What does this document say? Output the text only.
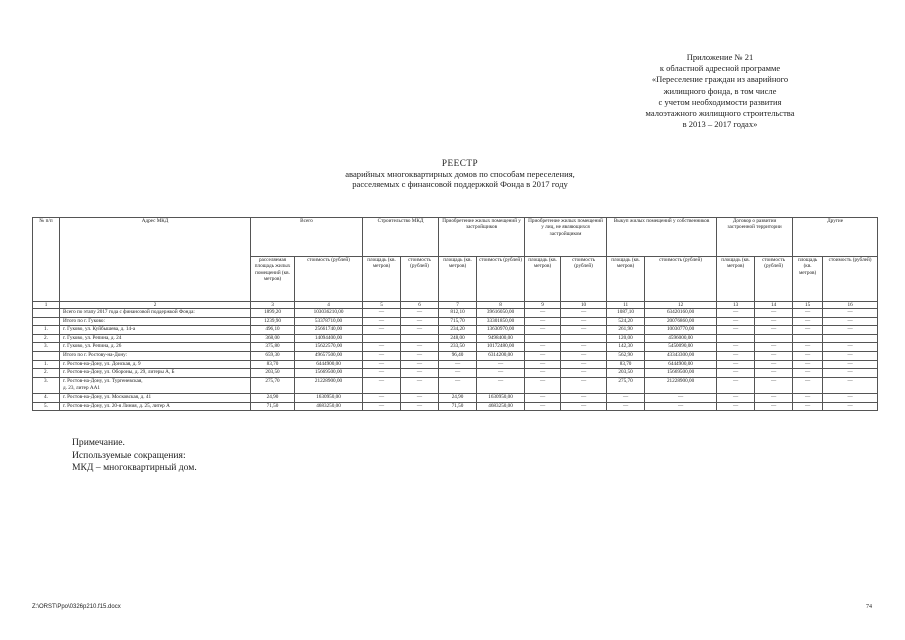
Приложение № 21
к областной адресной программе
«Переселение граждан из аварийного
жилищного фонда, в том числе
с учетом необходимости развития
малоэтажного жилищного строительства
в 2013 – 2017 годах»
РЕЕСТР
аварийных многоквартирных домов по способам переселения,
расселяемых с финансовой поддержкой Фонда в 2017 году
№ п/п	Адрес МКД	Всего		Строительство МКД		Приобретение жилых помещений у застройщиков		Приобретение жилых помещений у лиц, не являющихся застройщиком		Выкуп жилых помещений у собственников		Договор о развитии застроенной территории		Другие	
		расселяемая площадь жилых помещений (кв. метров)	стоимость (рублей)	площадь (кв. метров)	стоимость (рублей)	площадь (кв. метров)	стоимость (рублей)	площадь (кв. метров)	стоимость (рублей)	площадь (кв. метров)	стоимость (рублей)	площадь (кв. метров)	стоимость (рублей)	площадь (кв. метров)	стоимость (рублей)
1	2	3	4	5	6	7	8	9	10	11	12	13	14	15	16

	Всего по этапу 2017 года с финансовой поддержкой Фонда:	1899,20	103036210,00	—	—	812,10	39616050,00	—	—	1087,10	63420160,00	—	—	—	—

	Итого по г. Гуково:	1239,90	53378710,00	—	—	715,70	33301850,00	—	—	524,20	20076860,00	—	—	—	—
1.	г. Гуково, ул. Куйбышева, д. 14-а	496,10	25661740,00	—	—	234,20	13630970,00	—	—	261,90	10030770,00	—	—	—	—
2.	г. Гуково, ул. Репина, д. 24	368,00	14094400,00			248,00	9498400,00			120,00	4596000,00				
3.	г. Гуково, ул. Репина, д. 26	375,80	15622570,00	—	—	233,50	10172480,00	—	—	142,30	5450090,00	—	—	—	—

	Итого по г. Ростову-на-Дону:	659,30	49657500,00	—	—	96,40	6314200,00	—	—	562,90	43343300,00	—	—	—	—
1.	г. Ростов-на-Дону, ул. Донская, д. 9	83,70	6444900,00	—	—	—	—	—	—	83,70	6444900,00	—	—	—	—
2.	г. Ростов-на-Дону, ул. Обороны, д. 29, литеры А, Б	203,50	15669500,00	—	—	—	—	—	—	203,50	15669500,00	—	—	—	—
3.	г. Ростов-на-Дону, ул. Тургеневская,
д. 23, литер АА1	275,70	21228900,00	—	—	—	—	—	—	275,70	21228900,00	—	—	—	—
4.	г. Ростов-на-Дону, ул. Московская, д. 41	24,90	1630950,00	—	—	24,90	1630950,00	—	—	—	—	—	—	—	—
5.	г. Ростов-на-Дону, ул. 20-я Линия, д. 25, литер А	71,50	4683250,00	—	—	71,50	4683250,00	—	—	—	—	—	—	—	—
Примечание.
Используемые сокращения:
МКД – многоквартирный дом.
Z:\ORST\Ppo\0326p210.f15.docx	74
